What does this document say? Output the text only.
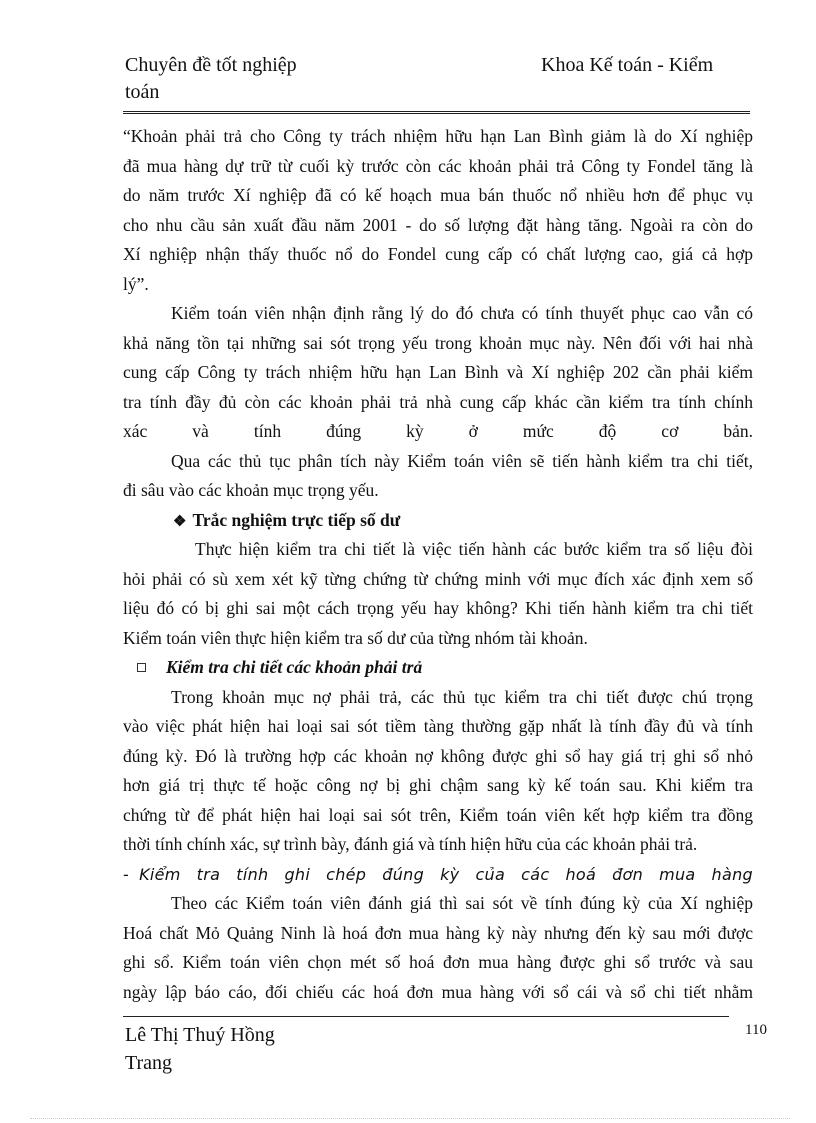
Chuyên đề tốt nghiệp
toán
Khoa Kế toán - Kiểm
“Khoản phải trả cho Công ty trách nhiệm hữu hạn Lan Bình giảm là do Xí nghiệp
đã mua hàng dự trữ từ cuối kỳ trước còn các khoản phải trả Công ty Fondel tăng là
do năm trước Xí nghiệp đã có kế hoạch mua bán thuốc nổ nhiều hơn để phục vụ
cho nhu cầu sản xuất đầu năm 2001 - do số lượng đặt hàng tăng. Ngoài ra còn do
Xí nghiệp nhận thấy thuốc nổ do Fondel cung cấp có chất lượng cao, giá cả hợp
lý”.
Kiểm toán viên nhận định rằng lý do đó chưa có tính thuyết phục cao vẫn có
khả năng tồn tại những sai sót trọng yếu trong khoản mục này. Nên đối với hai nhà
cung cấp Công ty trách nhiệm hữu hạn Lan Bình và Xí nghiệp 202 cần phải kiểm
tra tính đầy đủ còn các khoản phải trả nhà cung cấp khác cần kiểm tra tính chính
xác và tính đúng kỳ ở mức độ cơ bản.
Qua các thủ tục phân tích này Kiểm toán viên sẽ tiến hành kiểm tra chi tiết,
đi sâu vào các khoản mục trọng yếu.
❖ Trắc nghiệm trực tiếp số dư
Thực hiện kiểm tra chi tiết là việc tiến hành các bước kiểm tra số liệu đòi
hỏi phải có sù xem xét kỹ từng chứng từ chứng minh với mục đích xác định xem số
liệu đó có bị ghi sai một cách trọng yếu hay không? Khi tiến hành kiểm tra chi tiết
Kiểm toán viên thực hiện kiểm tra số dư của từng nhóm tài khoản.
Kiểm tra chi tiết các khoản phải trả
Trong khoản mục nợ phải trả, các thủ tục kiểm tra chi tiết được chú trọng
vào việc phát hiện hai loại sai sót tiềm tàng thường gặp nhất là tính đầy đủ và tính
đúng kỳ. Đó là trường hợp các khoản nợ không được ghi sổ hay giá trị ghi sổ nhỏ
hơn giá trị thực tế hoặc công nợ bị ghi chậm sang kỳ kế toán sau. Khi kiểm tra
chứng từ để phát hiện hai loại sai sót trên, Kiểm toán viên kết hợp kiểm tra đồng
thời tính chính xác, sự trình bày, đánh giá và tính hiện hữu của các khoản phải trả.
- Kiểm tra tính ghi chép đúng kỳ của các hoá đơn mua hàng
Theo các Kiểm toán viên đánh giá thì sai sót về tính đúng kỳ của Xí nghiệp
Hoá chất Mỏ Quảng Ninh là hoá đơn mua hàng kỳ này nhưng đến kỳ sau mới được
ghi sổ. Kiểm toán viên chọn mét số hoá đơn mua hàng được ghi sổ trước và sau
ngày lập báo cáo, đối chiếu các hoá đơn mua hàng với sổ cái và sổ chi tiết nhằm
Lê Thị Thuý Hồng
Trang
110
